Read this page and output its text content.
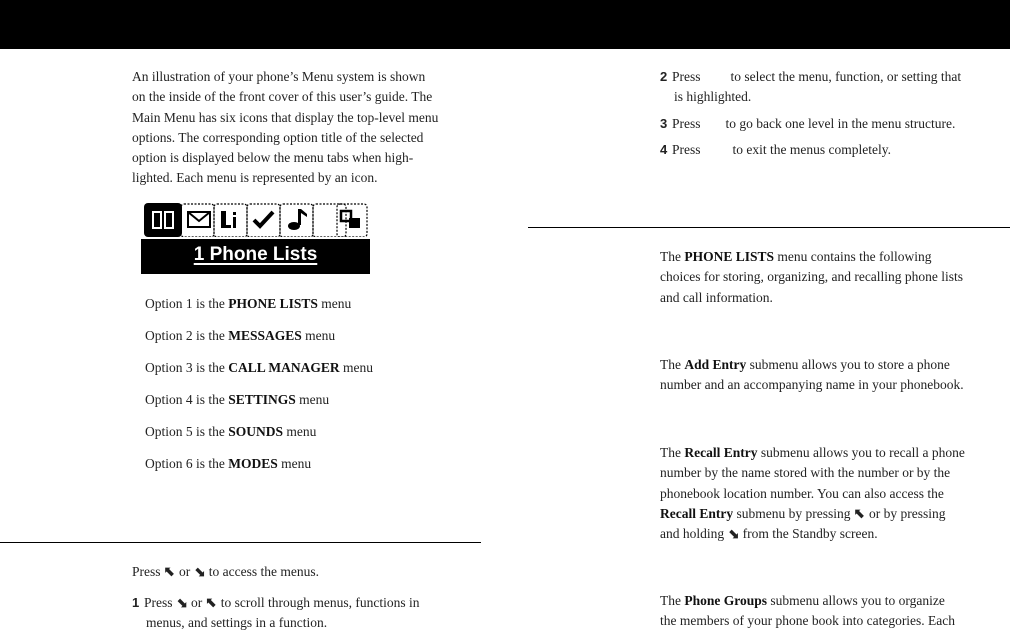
An illustration of your phone’s Menu system is shown
on the inside of the front cover of this user’s guide. The
Main Menu has six icons that display the top-level menu
options. The corresponding option title of the selected
option is displayed below the menu tabs when high-
lighted. Each menu is represented by an icon.
1 Phone Lists
Option 1 is the PHONE LISTS menu
Option 2 is the MESSAGES menu
Option 3 is the CALL MANAGER menu
Option 4 is the SETTINGS menu
Option 5 is the SOUNDS menu
Option 6 is the MODES menu
Press ⬉ or ⬊ to access the menus.
1 Press ⬊ or ⬉ to scroll through menus, functions in
menus, and settings in a function.
2 Press to select the menu, function, or setting that
is highlighted.
3 Press to go back one level in the menu structure.
4 Press to exit the menus completely.
The PHONE LISTS menu contains the following
choices for storing, organizing, and recalling phone lists
and call information.
The Add Entry submenu allows you to store a phone
number and an accompanying name in your phonebook.
The Recall Entry submenu allows you to recall a phone
number by the name stored with the number or by the
phonebook location number. You can also access the
Recall Entry submenu by pressing ⬉ or by pressing
and holding ⬊ from the Standby screen.
The Phone Groups submenu allows you to organize
the members of your phone book into categories. Each
